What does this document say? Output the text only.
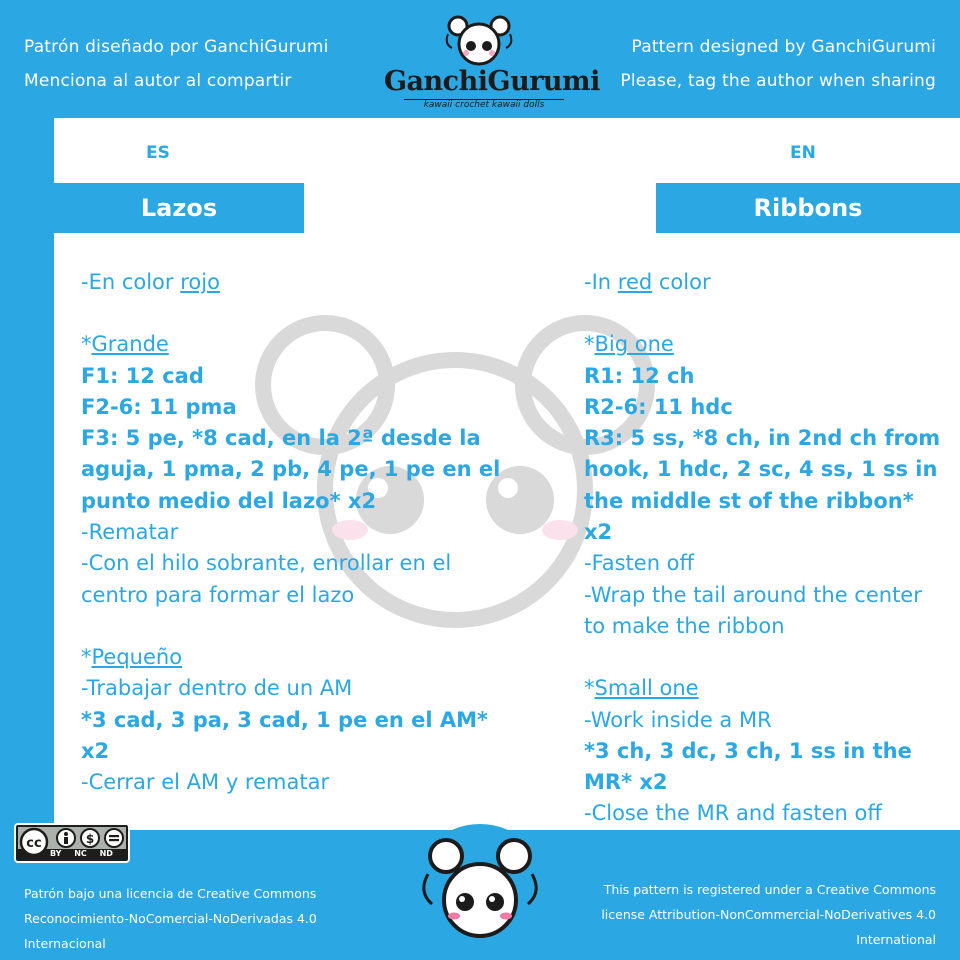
Patrón diseñado por GanchiGurumi
Menciona al autor al compartir
Pattern designed by GanchiGurumi
Please, tag the author when sharing
GanchiGurumi
kawaii crochet kawaii dolls
ES	EN
Lazos	Ribbons

-En color rojo

*Grande

F1: 12 cad

F2-6: 11 pma

F3: 5 pe, *8 cad, en la 2ª desde la aguja, 1 pma, 2 pb, 4 pe, 1 pe en el punto medio del lazo* x2

-Rematar

-Con el hilo sobrante, enrollar en el centro para formar el lazo

*Pequeño

-Trabajar dentro de un AM

*3 cad, 3 pa, 3 cad, 1 pe en el AM* x2

-Cerrar el AM y rematar

-In red color

*Big one

R1: 12 ch

R2-6: 11 hdc

R3: 5 ss, *8 ch, in 2nd ch from hook, 1 hdc, 2 sc, 4 ss, 1 ss in the middle st of the ribbon* x2

-Fasten off

-Wrap the tail around the center to make the ribbon

*Small one

-Work inside a MR

*3 ch, 3 dc, 3 ch, 1 ss in the MR* x2

-Close the MR and fasten off

cc	$
BY NC ND
Patrón bajo una licencia de Creative Commons
Reconocimiento-NoComercial-NoDerivadas 4.0
Internacional
This pattern is registered under a Creative Commons
license Attribution-NonCommercial-NoDerivatives 4.0
International
